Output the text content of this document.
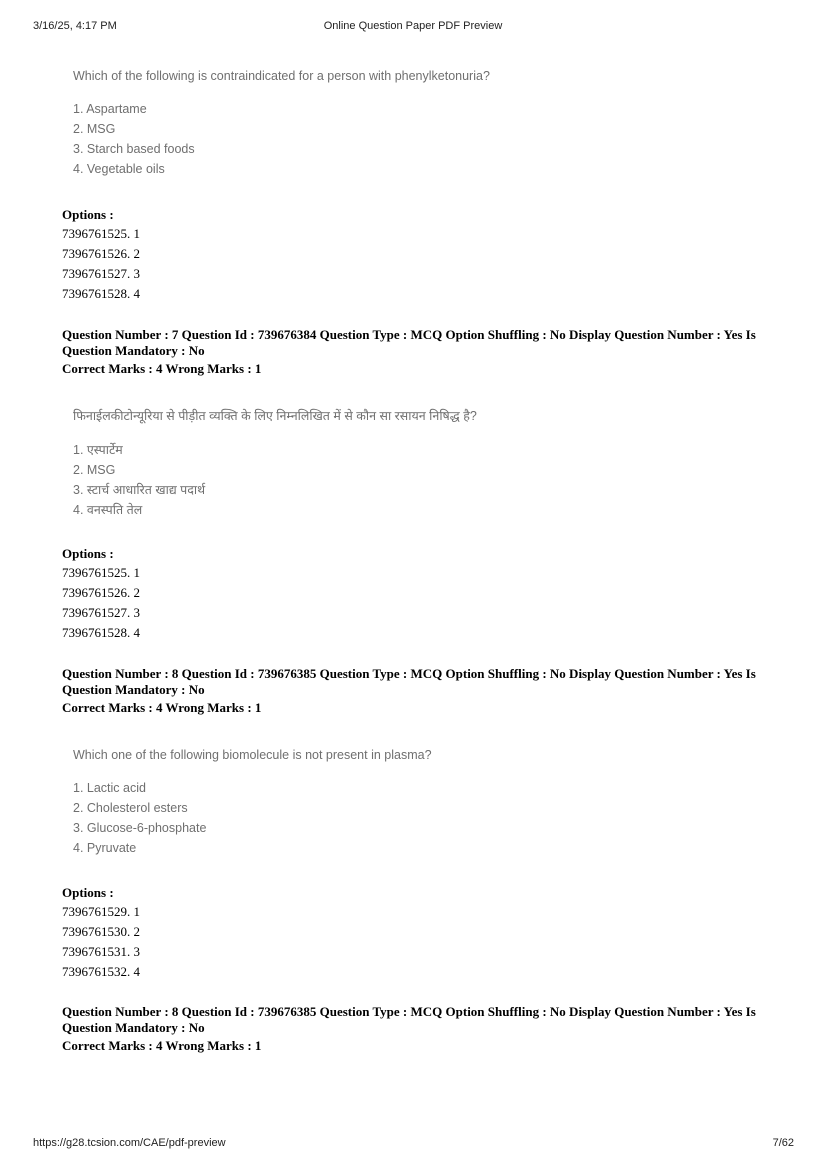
3/16/25, 4:17 PM	Online Question Paper PDF Preview
Which of the following is contraindicated for a person with phenylketonuria?
1. Aspartame
2. MSG
3. Starch based foods
4. Vegetable oils
Options :
7396761525. 1
7396761526. 2
7396761527. 3
7396761528. 4
Question Number : 7 Question Id : 739676384 Question Type : MCQ Option Shuffling : No Display Question Number : Yes Is
Question Mandatory : No
Correct Marks : 4 Wrong Marks : 1
फिनाईलकीटोन्यूरिया से पीड़ीत व्यक्ति के लिए निम्नलिखित में से कौन सा रसायन निषिद्ध है?
1. एस्पार्टेम
2. MSG
3. स्टार्च आधारित खाद्य पदार्थ
4. वनस्पति तेल
Options :
7396761525. 1
7396761526. 2
7396761527. 3
7396761528. 4
Question Number : 8 Question Id : 739676385 Question Type : MCQ Option Shuffling : No Display Question Number : Yes Is
Question Mandatory : No
Correct Marks : 4 Wrong Marks : 1
Which one of the following biomolecule is not present in plasma?
1. Lactic acid
2. Cholesterol esters
3. Glucose-6-phosphate
4. Pyruvate
Options :
7396761529. 1
7396761530. 2
7396761531. 3
7396761532. 4
Question Number : 8 Question Id : 739676385 Question Type : MCQ Option Shuffling : No Display Question Number : Yes Is
Question Mandatory : No
Correct Marks : 4 Wrong Marks : 1
https://g28.tcsion.com/CAE/pdf-preview	7/62
